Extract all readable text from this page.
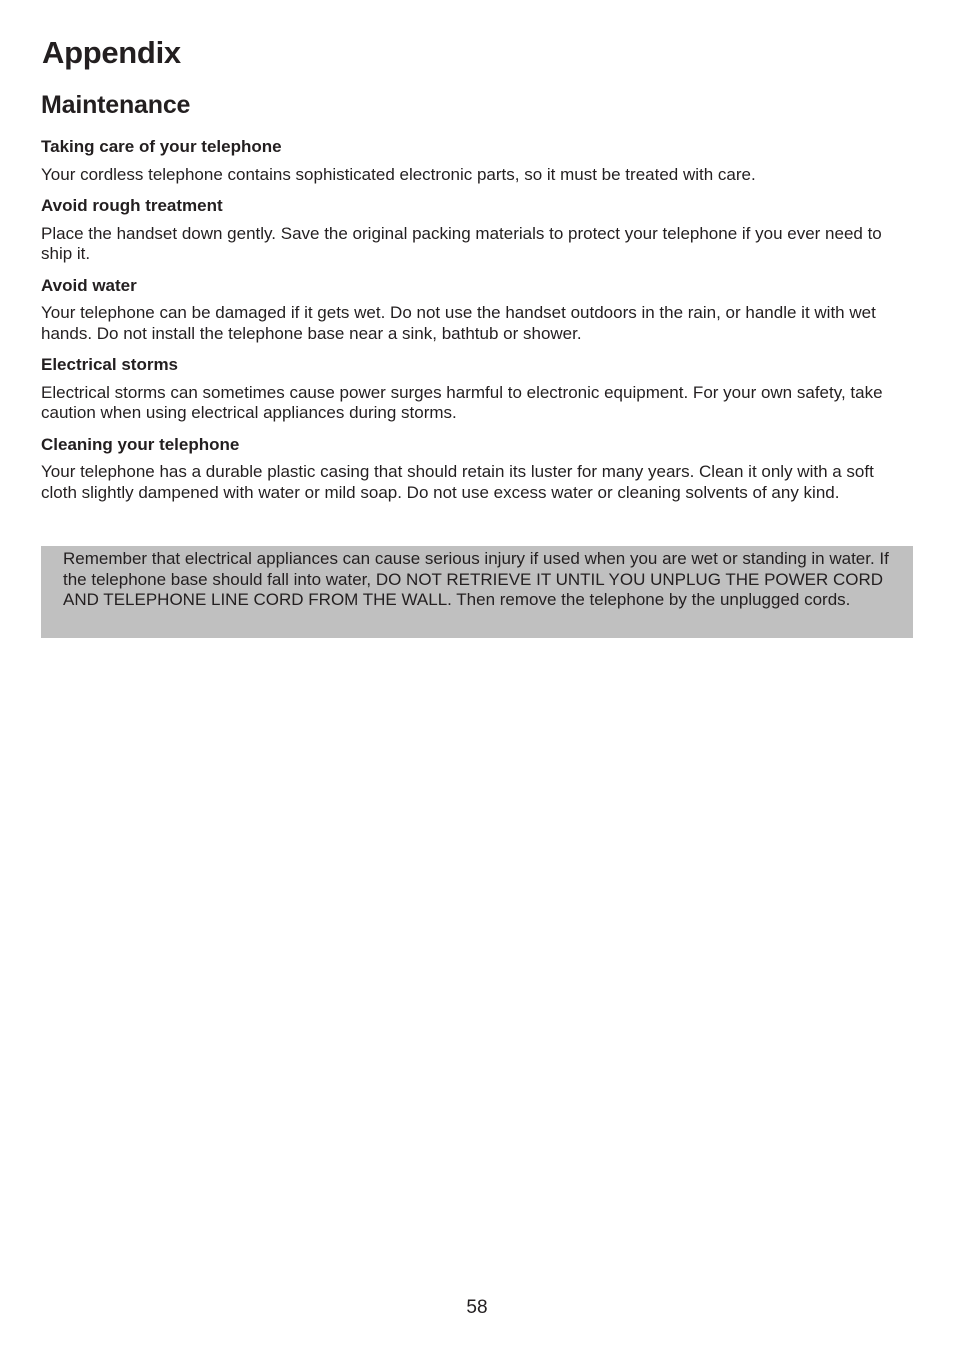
Appendix
Maintenance
Taking care of your telephone

Your cordless telephone contains sophisticated electronic parts, so it must be treated with care.

Avoid rough treatment

Place the handset down gently. Save the original packing materials to protect your telephone if you ever need to ship it.

Avoid water

Your telephone can be damaged if it gets wet. Do not use the handset outdoors in the rain, or handle it with wet hands. Do not install the telephone base near a sink, bathtub or shower.

Electrical storms

Electrical storms can sometimes cause power surges harmful to electronic equipment. For your own safety, take caution when using electrical appliances during storms.

Cleaning your telephone

Your telephone has a durable plastic casing that should retain its luster for many years. Clean it only with a soft cloth slightly dampened with water or mild soap. Do not use excess water or cleaning solvents of any kind.

Remember that electrical appliances can cause serious injury if used when you are wet or standing in water. If the telephone base should fall into water, DO NOT RETRIEVE IT UNTIL YOU UNPLUG THE POWER CORD AND TELEPHONE LINE CORD FROM THE WALL. Then remove the telephone by the unplugged cords.

58
